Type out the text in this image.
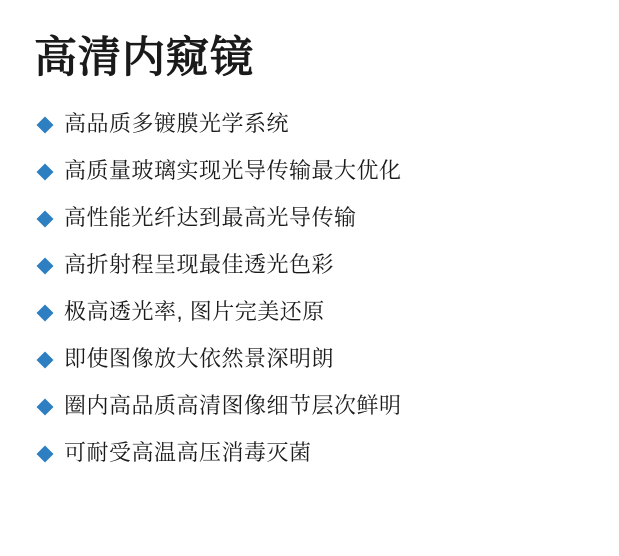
高清内窥镜
高品质多镀膜光学系统
高质量玻璃实现光导传输最大优化
高性能光纤达到最高光导传输
高折射程呈现最佳透光色彩
极高透光率, 图片完美还原
即使图像放大依然景深明朗
圈内高品质高清图像细节层次鲜明
可耐受高温高压消毒灭菌
